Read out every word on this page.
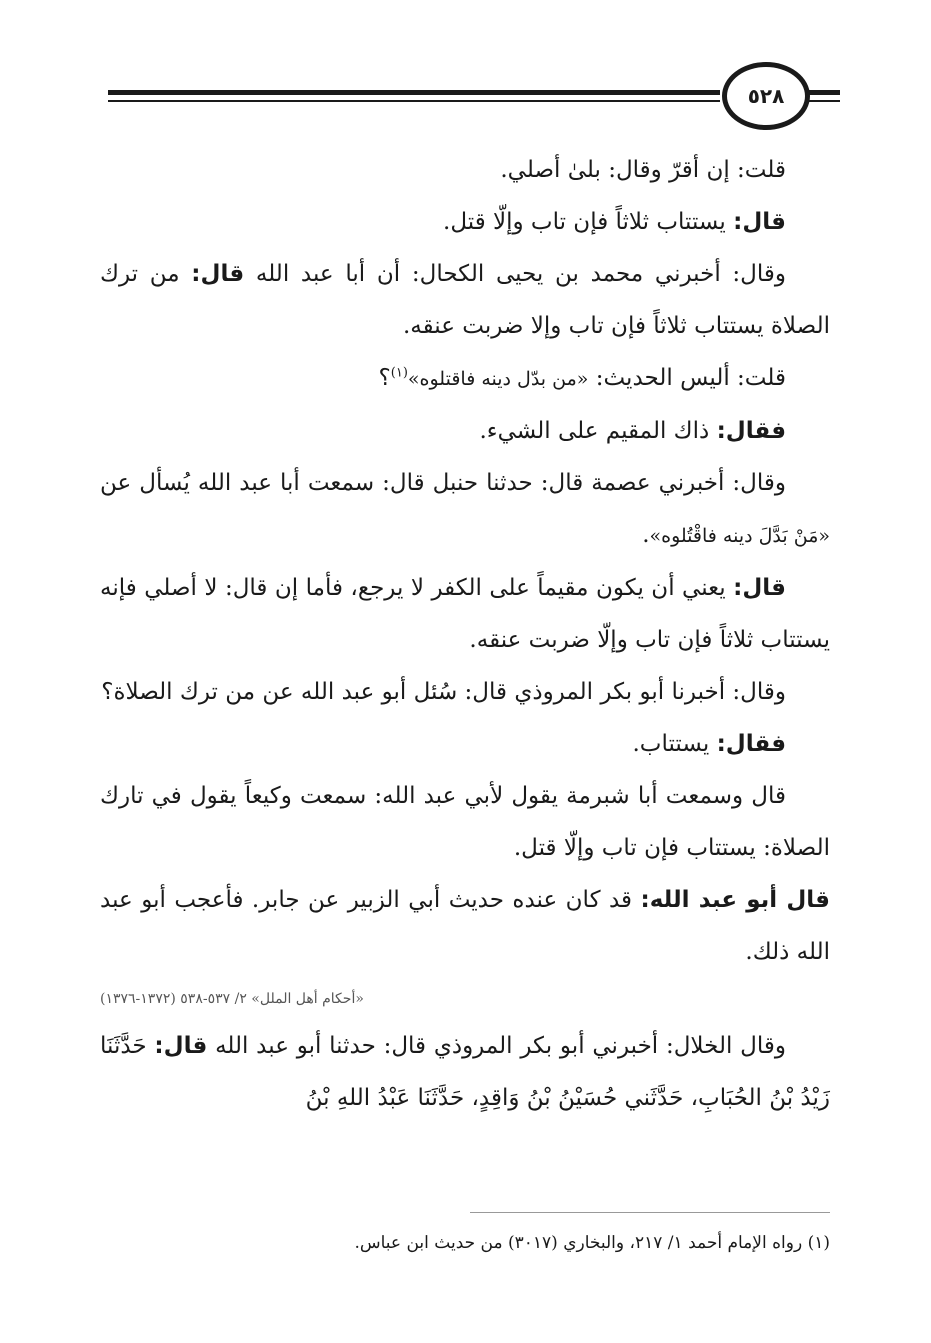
٥٢٨

قلت: إن أقرّ وقال: بلىٰ أصلي.

قال: يستتاب ثلاثاً فإن تاب وإلّا قتل.

وقال: أخبرني محمد بن يحيى الكحال: أن أبا عبد الله قال: من ترك الصلاة يستتاب ثلاثاً فإن تاب وإلا ضربت عنقه.

قلت: أليس الحديث: «من بدّل دينه فاقتلوه»$^{(١)}$؟

فقال: ذاك المقيم على الشيء.

وقال: أخبرني عصمة قال: حدثنا حنبل قال: سمعت أبا عبد الله يُسأل عن «مَنْ بَدَّلَ دينه فاقْتُلوه».

قال: يعني أن يكون مقيماً على الكفر لا يرجع، فأما إن قال: لا أصلي فإنه يستتاب ثلاثاً فإن تاب وإلّا ضربت عنقه.

وقال: أخبرنا أبو بكر المروذي قال: سُئل أبو عبد الله عن من ترك الصلاة؟

فقال: يستتاب.

قال وسمعت أبا شبرمة يقول لأبي عبد الله: سمعت وكيعاً يقول في تارك الصلاة: يستتاب فإن تاب وإلّا قتل.

قال أبو عبد الله: قد كان عنده حديث أبي الزبير عن جابر. فأعجب أبو عبد الله ذلك.

«أحكام أهل الملل» ٢/ ٥٣٧-٥٣٨ (١٣٧٢-١٣٧٦)

وقال الخلال: أخبرني أبو بكر المروذي قال: حدثنا أبو عبد الله قال: حَدَّثَنَا زَيْدُ بْنُ الحُبَابِ، حَدَّثَني حُسَيْنُ بْنُ وَاقِدٍ، حَدَّثَنَا عَبْدُ اللهِ بْنُ

(١) رواه الإمام أحمد ١/ ٢١٧، والبخاري (٣٠١٧) من حديث ابن عباس.
